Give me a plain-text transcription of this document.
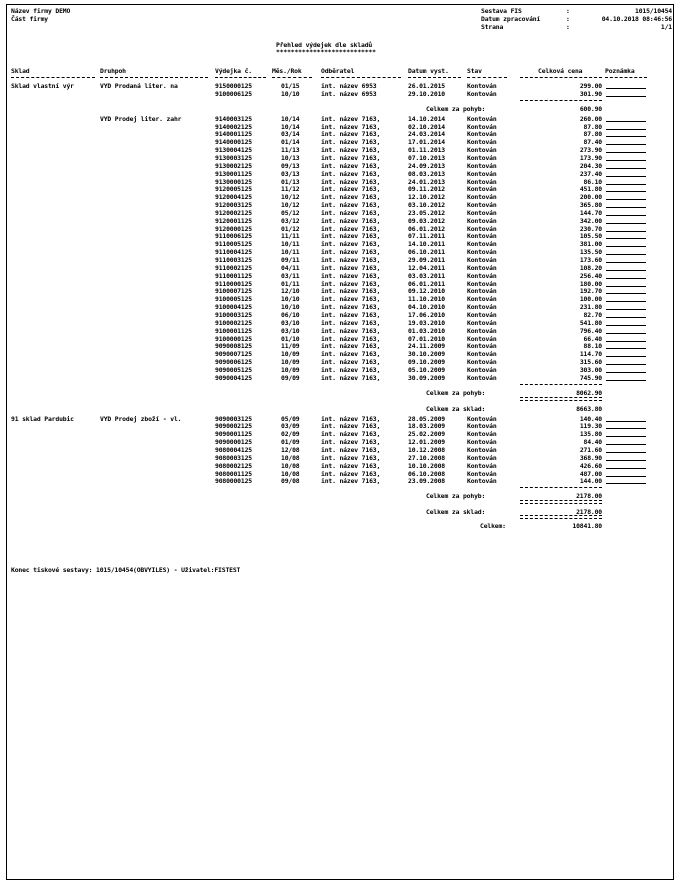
Název firmy DEMO
Část firmy
Sestava FIS	:	1015/10454
Datum zpracování	:	04.10.2018 08:46:56
Strana	:	1/1
Přehled výdejek dle skladů
***************************
Sklad	Druhpoh	Výdejka č.	Měs./Rok	Odběratel	Datum vyst.	Stav	Celková cena	Poznámka
Sklad vlastní výr	VYD Prodaná liter. na	9150000125	01/15	int. název 6953	26.01.2015	Kontován	299.00
9100006125	10/10	int. název 6953	29.10.2010	Kontován	301.90
Celkem za pohyb:	600.90
VYD Prodej liter. zahr	9140003125	10/14	int. název 7163,	14.10.2014	Kontován	260.00
9140002125	10/14	int. název 7163,	02.10.2014	Kontován	87.80
9140001125	03/14	int. název 7163,	24.03.2014	Kontován	87.80
9140000125	01/14	int. název 7163,	17.01.2014	Kontován	87.40
9130004125	11/13	int. název 7163,	01.11.2013	Kontován	273.90
9130003125	10/13	int. název 7163,	07.10.2013	Kontován	173.90
9130002125	09/13	int. název 7163,	24.09.2013	Kontován	204.30
9130001125	03/13	int. název 7163,	08.03.2013	Kontován	237.40
9130000125	01/13	int. název 7163,	24.01.2013	Kontován	86.10
9120005125	11/12	int. název 7163,	09.11.2012	Kontován	451.80
9120004125	10/12	int. název 7163,	12.10.2012	Kontován	200.00
9120003125	10/12	int. název 7163,	03.10.2012	Kontován	365.80
9120002125	05/12	int. název 7163,	23.05.2012	Kontován	144.70
9120001125	03/12	int. název 7163,	09.03.2012	Kontován	342.00
9120000125	01/12	int. název 7163,	06.01.2012	Kontován	230.70
9110006125	11/11	int. název 7163,	07.11.2011	Kontován	105.50
9110005125	10/11	int. název 7163,	14.10.2011	Kontován	381.00
9110004125	10/11	int. název 7163,	06.10.2011	Kontován	135.50
9110003125	09/11	int. název 7163,	29.09.2011	Kontován	173.60
9110002125	04/11	int. název 7163,	12.04.2011	Kontován	108.20
9110001125	03/11	int. název 7163,	03.03.2011	Kontován	256.40
9110000125	01/11	int. název 7163,	06.01.2011	Kontován	180.00
9100007125	12/10	int. název 7163,	09.12.2010	Kontován	192.70
9100005125	10/10	int. název 7163,	11.10.2010	Kontován	100.00
9100004125	10/10	int. název 7163,	04.10.2010	Kontován	231.80
9100003125	06/10	int. název 7163,	17.06.2010	Kontován	82.70
9100002125	03/10	int. název 7163,	19.03.2010	Kontován	541.80
9100001125	03/10	int. název 7163,	01.03.2010	Kontován	796.40
9100000125	01/10	int. název 7163,	07.01.2010	Kontován	66.40
9090008125	11/09	int. název 7163,	24.11.2009	Kontován	88.10
9090007125	10/09	int. název 7163,	30.10.2009	Kontován	114.70
9090006125	10/09	int. název 7163,	09.10.2009	Kontován	315.60
9090005125	10/09	int. název 7163,	05.10.2009	Kontován	303.00
9090004125	09/09	int. název 7163,	30.09.2009	Kontován	745.90
Celkem za pohyb:	8062.90
Celkem za sklad:	8663.80
91 sklad Pardubic	VYD Prodej zboží - vl.	9090003125	05/09	int. název 7163,	28.05.2009	Kontován	140.40
9090002125	03/09	int. název 7163,	18.03.2009	Kontován	119.30
9090001125	02/09	int. název 7163,	25.02.2009	Kontován	135.80
9090000125	01/09	int. název 7163,	12.01.2009	Kontován	84.40
9080004125	12/08	int. název 7163,	10.12.2008	Kontován	271.60
9080003125	10/08	int. název 7163,	27.10.2008	Kontován	368.90
9080002125	10/08	int. název 7163,	10.10.2008	Kontován	426.60
9080001125	10/08	int. název 7163,	06.10.2008	Kontován	487.00
9080000125	09/08	int. název 7163,	23.09.2008	Kontován	144.00
Celkem za pohyb:	2178.00
Celkem za sklad:	2178.00
Celkem:	10841.80
Konec tiskové sestavy: 1015/10454(OBVYILES) - Uživatel:FISTEST
